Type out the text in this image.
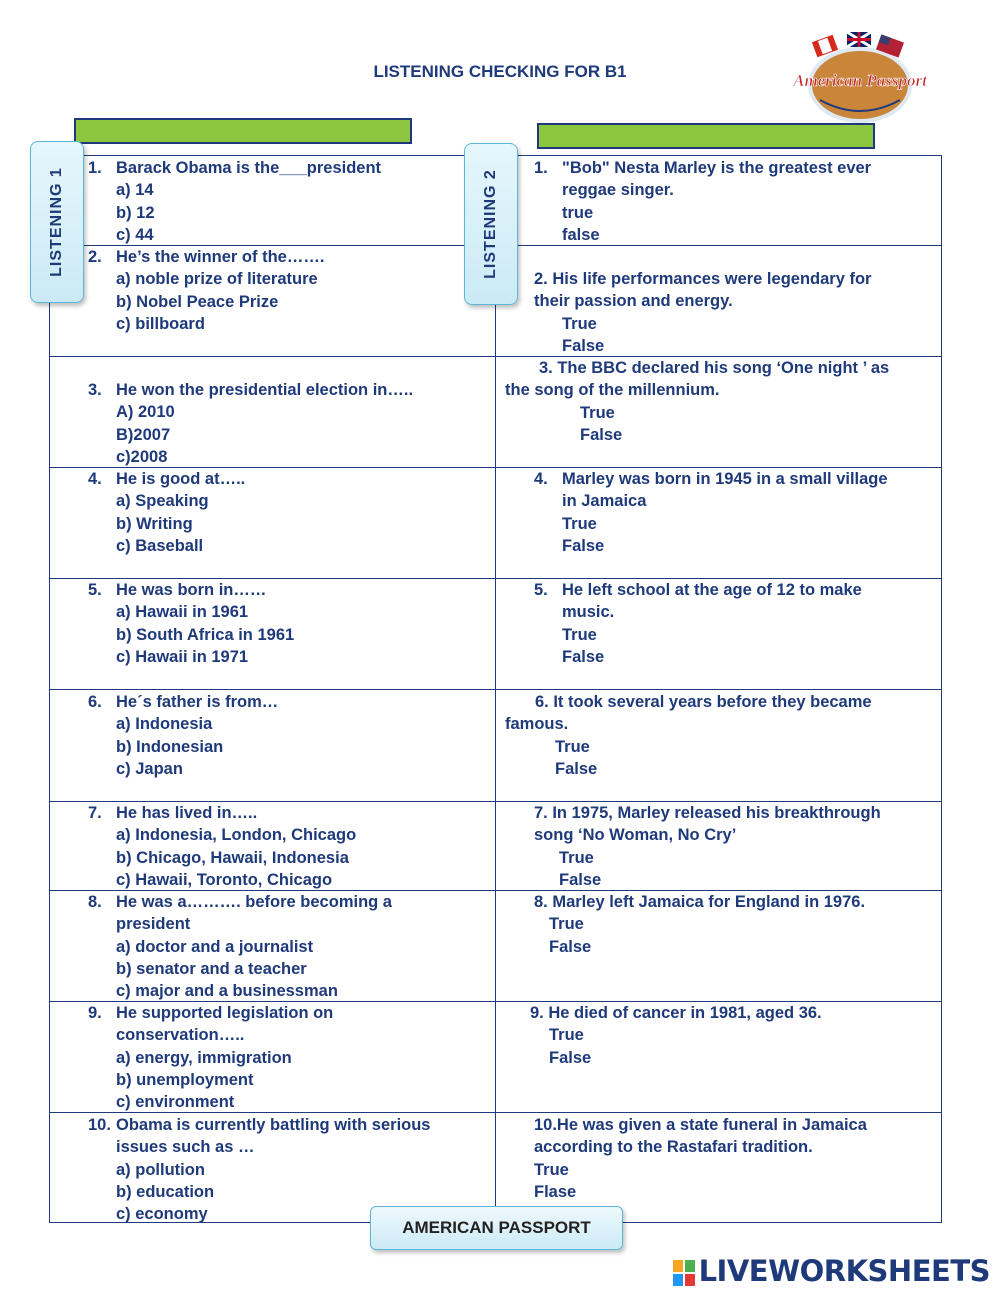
LISTENING CHECKING FOR B1	American Passport
LISTENING 1	LISTENING 2
1. Barack Obama is the___president
a) 14
b) 12
c) 44
2. He’s the winner of the…….
a) noble prize of literature
b) Nobel Peace Prize
c) billboard
3. He won the presidential election in…..
A) 2010
B)2007
c)2008
4. He is good at…..
a) Speaking
b) Writing
c) Baseball
5. He was born in……
a) Hawaii in 1961
b) South Africa in 1961
c) Hawaii in 1971
6. He´s father is from…
a) Indonesia
b) Indonesian
c) Japan
7. He has lived in…..
a) Indonesia, London, Chicago
b) Chicago, Hawaii, Indonesia
c) Hawaii, Toronto, Chicago
8. He was a………. before becoming a
president
a) doctor and a journalist
b) senator and a teacher
c) major and a businessman
9. He supported legislation on
conservation…..
a) energy, immigration
b) unemployment
c) environment
10. Obama is currently battling with serious
issues such as …
a) pollution
b) education
c) economy
1. "Bob" Nesta Marley is the greatest ever
reggae singer.
true
false
2. His life performances were legendary for
their passion and energy.
True
False
3. The BBC declared his song ‘One night ’ as
the song of the millennium.
True
False
4. Marley was born in 1945 in a small village
in Jamaica
True
False
5. He left school at the age of 12 to make
music.
True
False
6. It took several years before they became
famous.
True
False
7. In 1975, Marley released his breakthrough
song ‘No Woman, No Cry’
True
False
8. Marley left Jamaica for England in 1976.
True
False
9. He died of cancer in 1981, aged 36.
True
False
10.He was given a state funeral in Jamaica
according to the Rastafari tradition.
True
Flase
AMERICAN PASSPORT
LIVEWORKSHEETS
